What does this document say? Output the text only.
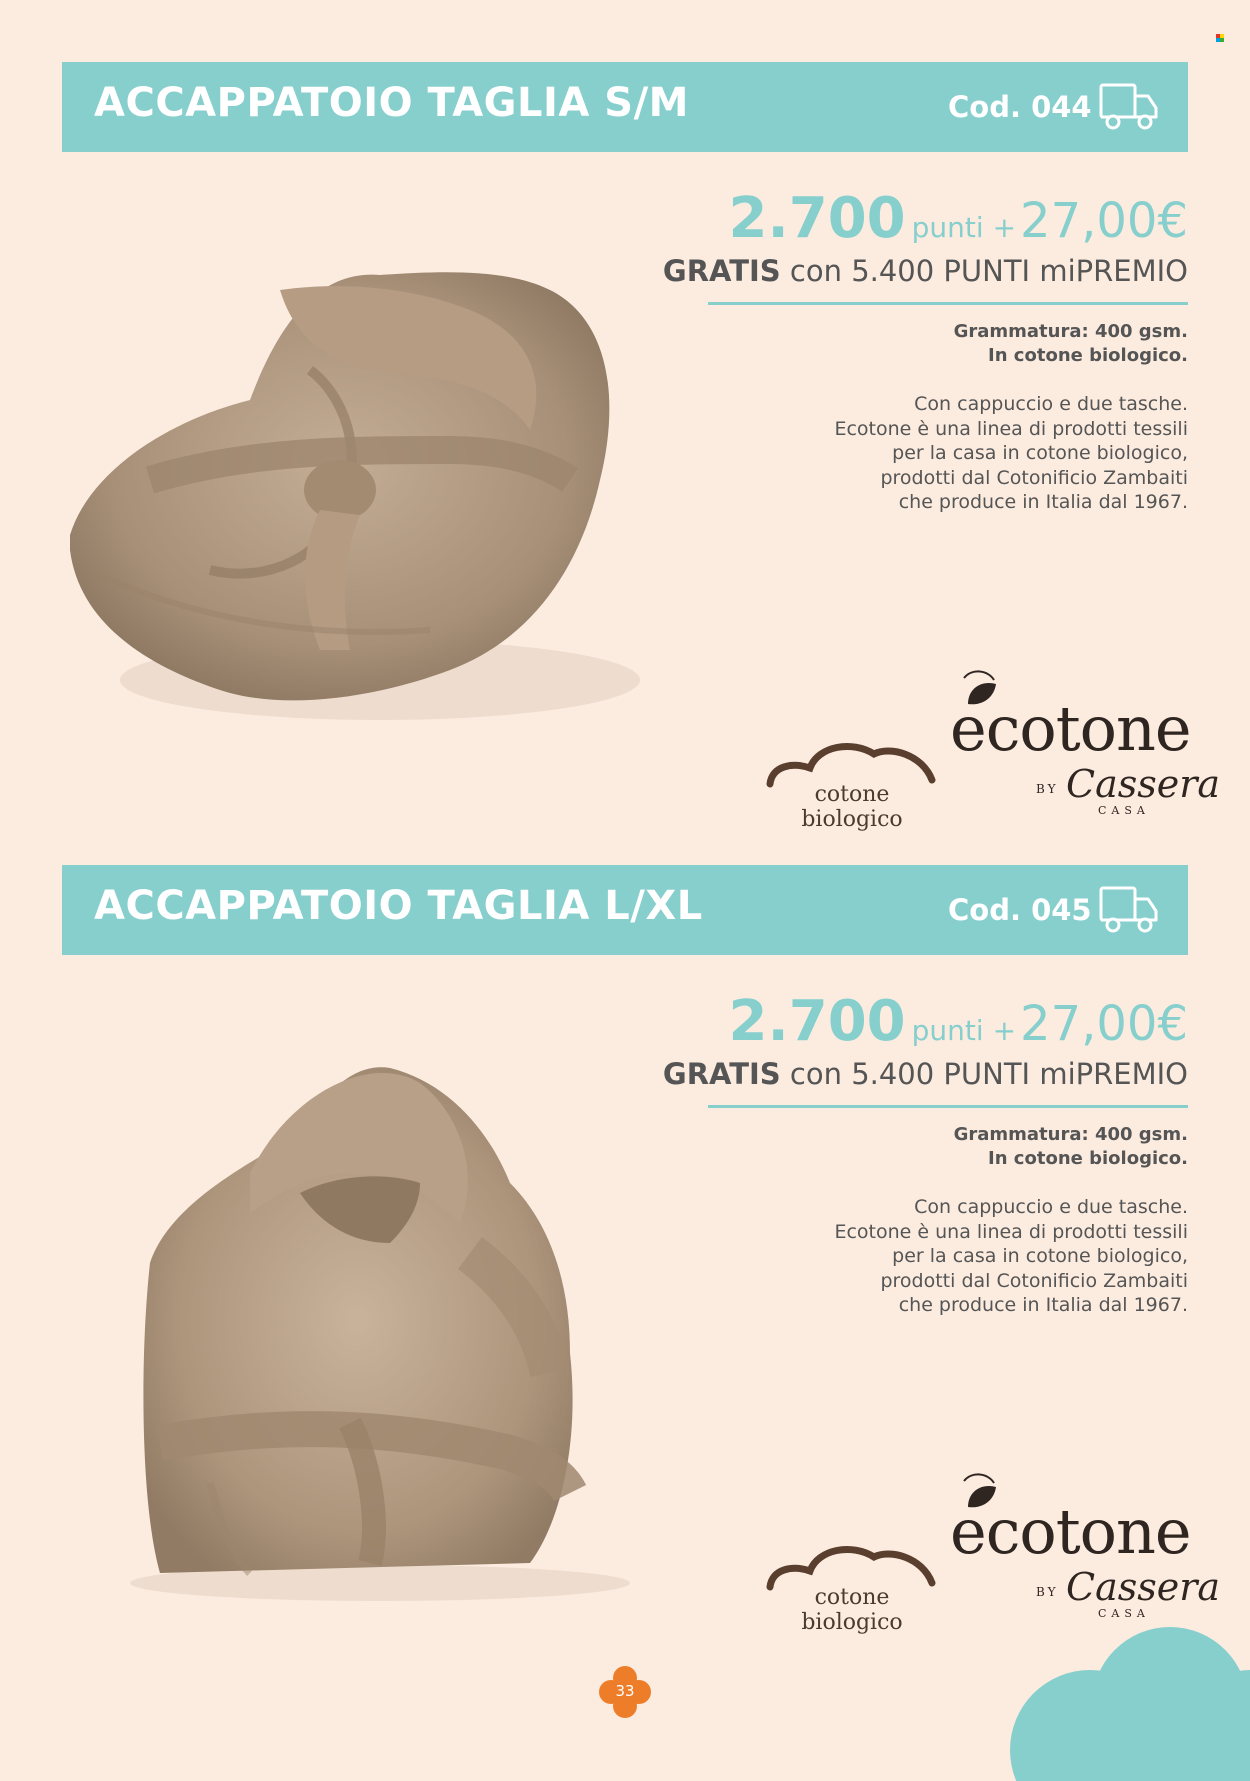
ACCAPPATOIO TAGLIA S/M	Cod. 044
2.700 punti +27,00€
GRATIS con 5.400 PUNTI miPREMIO
Grammatura: 400 gsm.
In cotone biologico.
Con cappuccio e due tasche.
Ecotone è una linea di prodotti tessili
per la casa in cotone biologico,
prodotti dal Cotonificio Zambaiti
che produce in Italia dal 1967.
cotone biologico
ecotone
BY Cassera
CASA
ACCAPPATOIO TAGLIA L/XL	Cod. 045
2.700 punti +27,00€
GRATIS con 5.400 PUNTI miPREMIO
Grammatura: 400 gsm.
In cotone biologico.
Con cappuccio e due tasche.
Ecotone è una linea di prodotti tessili
per la casa in cotone biologico,
prodotti dal Cotonificio Zambaiti
che produce in Italia dal 1967.
cotone biologico
ecotone
BY Cassera
CASA
33
